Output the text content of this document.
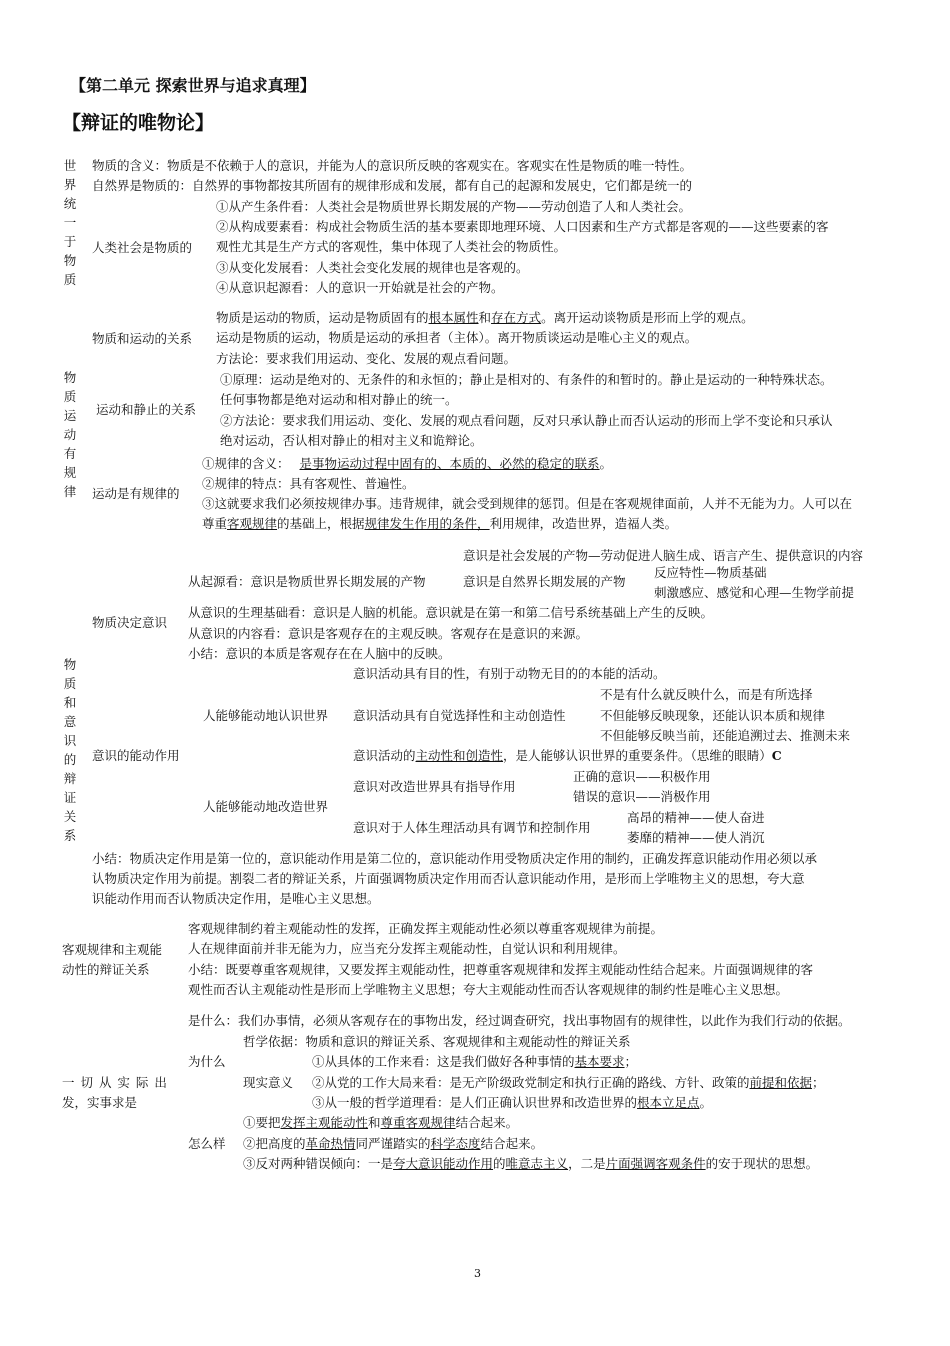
【第二单元 探索世界与追求真理】
【辩证的唯物论】
世界统一于物质
物质的含义：物质是不依赖于人的意识，并能为人的意识所反映的客观实在。客观实在性是物质的唯一特性。
自然界是物质的：自然界的事物都按其所固有的规律形成和发展，都有自己的起源和发展史，它们都是统一的
人类社会是物质的
①从产生条件看：人类社会是物质世界长期发展的产物——劳动创造了人和人类社会。
②从构成要素看：构成社会物质生活的基本要素即地理环境、人口因素和生产方式都是客观的——这些要素的客
观性尤其是生产方式的客观性，集中体现了人类社会的物质性。
③从变化发展看：人类社会变化发展的规律也是客观的。
④从意识起源看：人的意识一开始就是社会的产物。
物质运动有规律
物质和运动的关系
物质是运动的物质，运动是物质固有的根本属性和存在方式。离开运动谈物质是形而上学的观点。
运动是物质的运动，物质是运动的承担者（主体）。离开物质谈运动是唯心主义的观点。
方法论：要求我们用运动、变化、发展的观点看问题。
运动和静止的关系
①原理：运动是绝对的、无条件的和永恒的；静止是相对的、有条件的和暂时的。静止是运动的一种特殊状态。
任何事物都是绝对运动和相对静止的统一。
②方法论：要求我们用运动、变化、发展的观点看问题，反对只承认静止而否认运动的形而上学不变论和只承认
绝对运动，否认相对静止的相对主义和诡辩论。
运动是有规律的
①规律的含义： 是事物运动过程中固有的、本质的、必然的稳定的联系。
②规律的特点：具有客观性、普遍性。
③这就要求我们必须按规律办事。违背规律，就会受到规律的惩罚。但是在客观规律面前，人并不无能为力。人可以在
尊重客观规律的基础上，根据规律发生作用的条件，利用规律，改造世界，造福人类。
物质和意识的辩证关系
意识是社会发展的产物—劳动促进人脑生成、语言产生、提供意识的内容
从起源看：意识是物质世界长期发展的产物	意识是自然界长期发展的产物
反应特性—物质基础
刺激感应、感觉和心理—生物学前提
物质决定意识
从意识的生理基础看：意识是人脑的机能。意识就是在第一和第二信号系统基础上产生的反映。
从意识的内容看：意识是客观存在的主观反映。客观存在是意识的来源。
小结：意识的本质是客观存在在人脑中的反映。
意识的能动作用
意识活动具有目的性，有别于动物无目的的本能的活动。
人能够能动地认识世界 意识活动具有自觉选择性和主动创造性
不是有什么就反映什么，而是有所选择
不但能够反映现象，还能认识本质和规律
不但能够反映当前，还能追溯过去、推测未来
意识活动的主动性和创造性，是人能够认识世界的重要条件。（思维的眼睛）C
人能够能动地改造世界
意识对改造世界具有指导作用
正确的意识——积极作用
错误的意识——消极作用
意识对于人体生理活动具有调节和控制作用
高昂的精神——使人奋进
萎靡的精神——使人消沉
小结：物质决定作用是第一位的，意识能动作用是第二位的，意识能动作用受物质决定作用的制约，正确发挥意识能动作用必须以承
认物质决定作用为前提。割裂二者的辩证关系，片面强调物质决定作用而否认意识能动作用，是形而上学唯物主义的思想，夸大意
识能动作用而否认物质决定作用，是唯心主义思想。
客观规律和主观能
动性的辩证关系
客观规律制约着主观能动性的发挥，正确发挥主观能动性必须以尊重客观规律为前提。
人在规律面前并非无能为力，应当充分发挥主观能动性，自觉认识和利用规律。
小结：既要尊重客观规律，又要发挥主观能动性，把尊重客观规律和发挥主观能动性结合起来。片面强调规律的客
观性而否认主观能动性是形而上学唯物主义思想；夸大主观能动性而否认客观规律的制约性是唯心主义思想。
一 切 从 实 际 出
发，实事求是
是什么：我们办事情，必须从客观存在的事物出发，经过调查研究，找出事物固有的规律性，以此作为我们行动的依据。
哲学依据：物质和意识的辩证关系、客观规律和主观能动性的辩证关系
为什么
现实意义
①从具体的工作来看：这是我们做好各种事情的基本要求；
②从党的工作大局来看：是无产阶级政党制定和执行正确的路线、方针、政策的前提和依据；
③从一般的哲学道理看：是人们正确认识世界和改造世界的根本立足点。
怎么样
①要把发挥主观能动性和尊重客观规律结合起来。
②把高度的革命热情同严谨踏实的科学态度结合起来。
③反对两种错误倾向：一是夸大意识能动作用的唯意志主义，二是片面强调客观条件的安于现状的思想。
3
